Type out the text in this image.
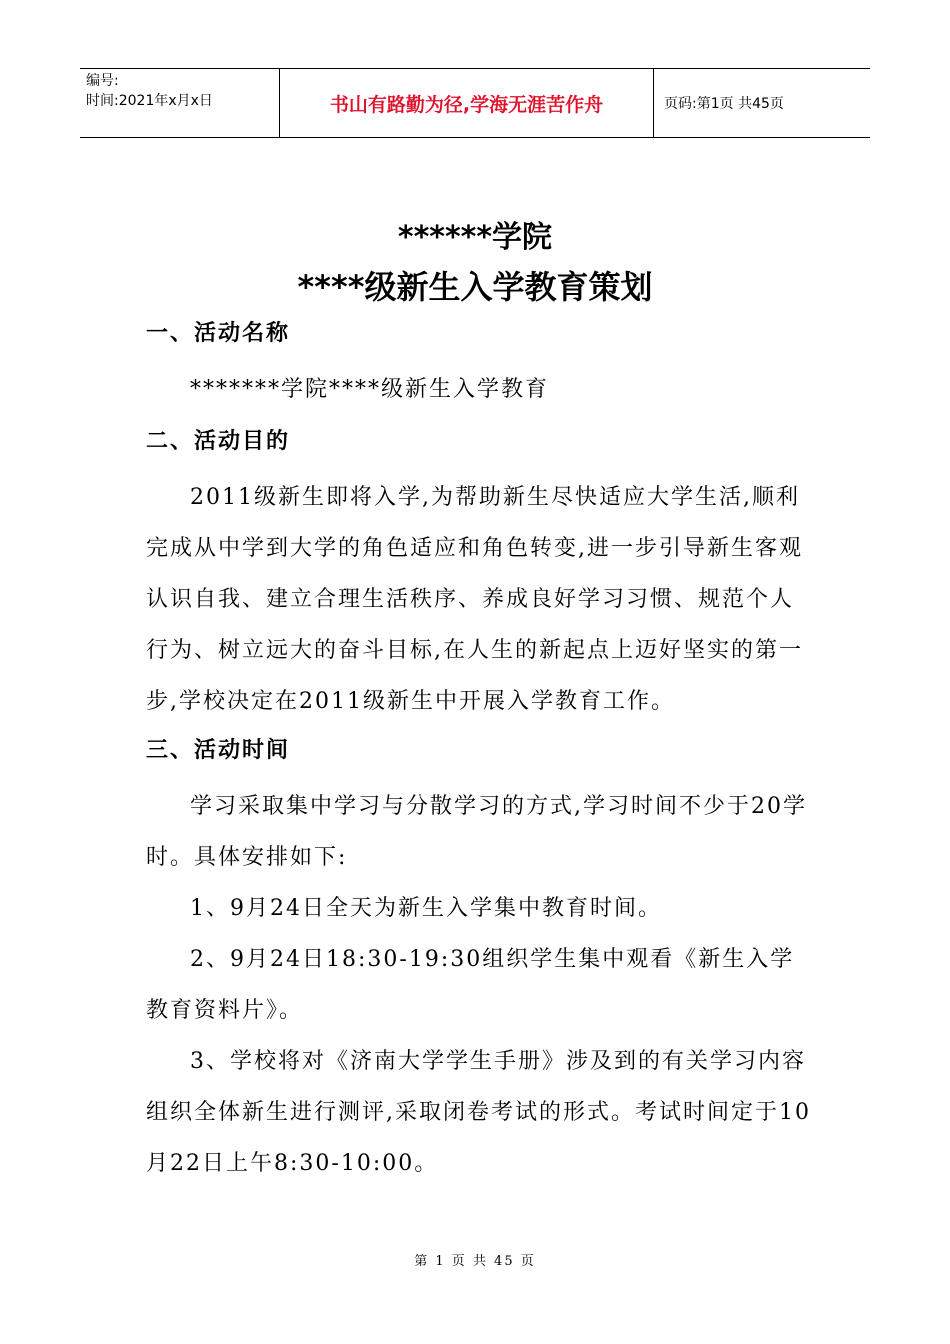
编号:
时间:2021年x月x日	书山有路勤为径,学海无涯苦作舟	页码:第1页 共45页
******学院
****级新生入学教育策划
一、活动名称

*******学院****级新生入学教育

二、活动目的

2011级新生即将入学,为帮助新生尽快适应大学生活,顺利完成从中学到大学的角色适应和角色转变,进一步引导新生客观认识自我、建立合理生活秩序、养成良好学习习惯、规范个人行为、树立远大的奋斗目标,在人生的新起点上迈好坚实的第一步,学校决定在2011级新生中开展入学教育工作。

三、活动时间

学习采取集中学习与分散学习的方式,学习时间不少于20学时。具体安排如下:

1、9月24日全天为新生入学集中教育时间。

2、9月24日18:30-19:30组织学生集中观看《新生入学教育资料片》。

3、学校将对《济南大学学生手册》涉及到的有关学习内容组织全体新生进行测评,采取闭卷考试的形式。考试时间定于10月22日上午8:30-10:00。

第 1 页 共 45 页
